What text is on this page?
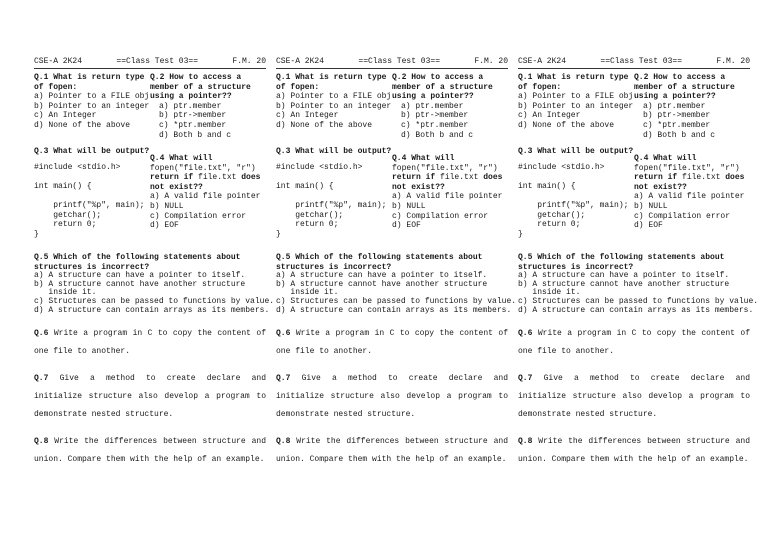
CSE-A 2K24	==Class Test 03==	F.M. 20
Q.1 What is return type
of fopen:
a) Pointer to a FILE obj
b) Pointer to an integer
c) An Integer
d) None of the above
Q.2 How to access a
member of a structure
using a pointer??
a) ptr.member
b) ptr->member
c) *ptr.member
d) Both b and c
Q.3 What will be output?
#include <stdio.h>
int main() {
printf("%p", main);
getchar();
return 0;
}
Q.4 What will
fopen("file.txt", "r")
return if file.txt does
not exist??
a) A valid file pointer
b) NULL
c) Compilation error
d) EOF
Q.5 Which of the following statements about
structures is incorrect?
a) A structure can have a pointer to itself.
b) A structure cannot have another structure
inside it.
c) Structures can be passed to functions by value.
d) A structure can contain arrays as its members.
Q.6 Write a program in C to copy the content of one file to another.
Q.7 Give a method to create declare and initialize structure also develop a program to demonstrate nested structure.
Q.8 Write the differences between structure and union. Compare them with the help of an example.
CSE-A 2K24	==Class Test 03==	F.M. 20
Q.1 What is return type
of fopen:
a) Pointer to a FILE obj
b) Pointer to an integer
c) An Integer
d) None of the above
Q.2 How to access a
member of a structure
using a pointer??
a) ptr.member
b) ptr->member
c) *ptr.member
d) Both b and c
Q.3 What will be output?
#include <stdio.h>
int main() {
printf("%p", main);
getchar();
return 0;
}
Q.4 What will
fopen("file.txt", "r")
return if file.txt does
not exist??
a) A valid file pointer
b) NULL
c) Compilation error
d) EOF
Q.5 Which of the following statements about
structures is incorrect?
a) A structure can have a pointer to itself.
b) A structure cannot have another structure
inside it.
c) Structures can be passed to functions by value.
d) A structure can contain arrays as its members.
Q.6 Write a program in C to copy the content of one file to another.
Q.7 Give a method to create declare and initialize structure also develop a program to demonstrate nested structure.
Q.8 Write the differences between structure and union. Compare them with the help of an example.
CSE-A 2K24	==Class Test 03==	F.M. 20
Q.1 What is return type
of fopen:
a) Pointer to a FILE obj
b) Pointer to an integer
c) An Integer
d) None of the above
Q.2 How to access a
member of a structure
using a pointer??
a) ptr.member
b) ptr->member
c) *ptr.member
d) Both b and c
Q.3 What will be output?
#include <stdio.h>
int main() {
printf("%p", main);
getchar();
return 0;
}
Q.4 What will
fopen("file.txt", "r")
return if file.txt does
not exist??
a) A valid file pointer
b) NULL
c) Compilation error
d) EOF
Q.5 Which of the following statements about
structures is incorrect?
a) A structure can have a pointer to itself.
b) A structure cannot have another structure
inside it.
c) Structures can be passed to functions by value.
d) A structure can contain arrays as its members.
Q.6 Write a program in C to copy the content of one file to another.
Q.7 Give a method to create declare and initialize structure also develop a program to demonstrate nested structure.
Q.8 Write the differences between structure and union. Compare them with the help of an example.
